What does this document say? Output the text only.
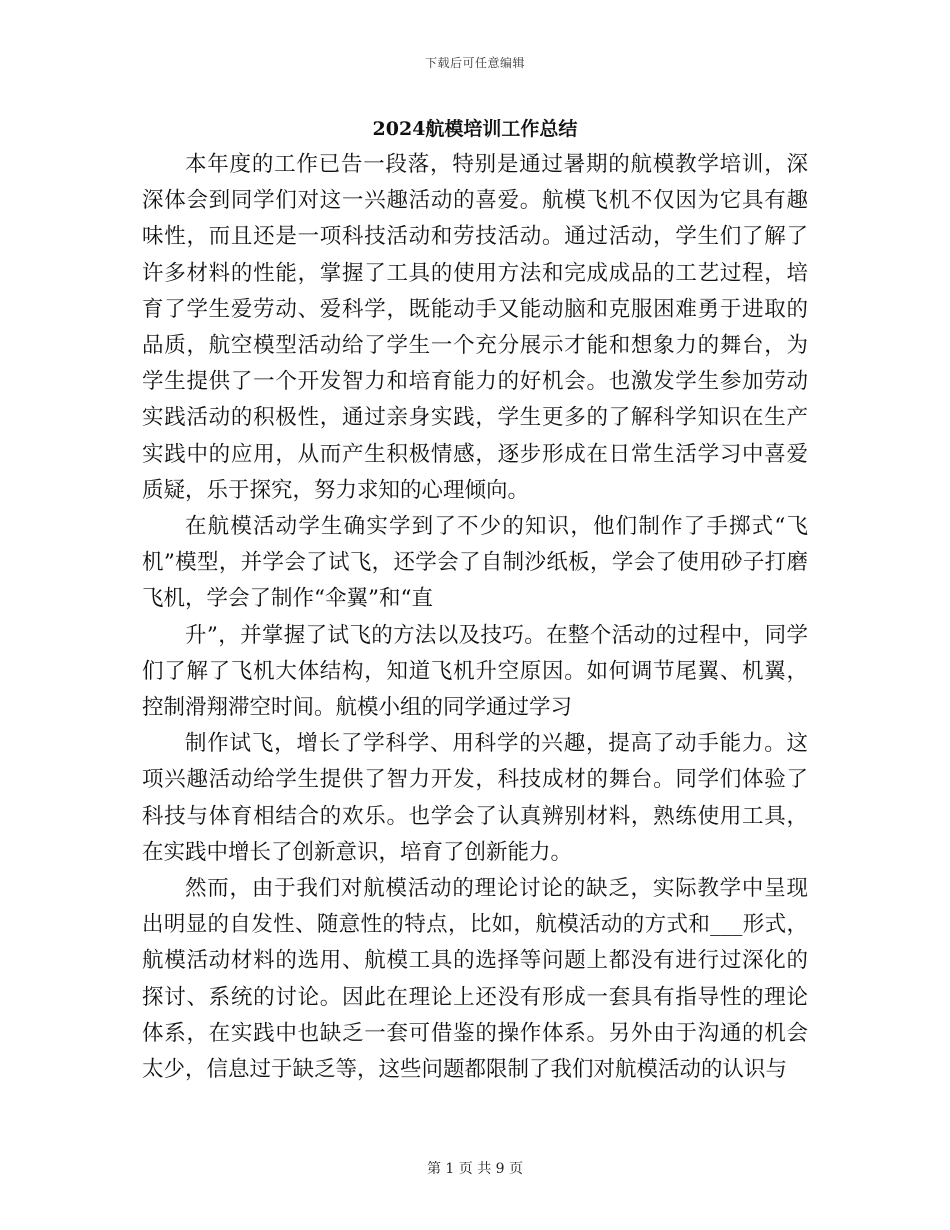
下载后可任意编辑
2024航模培训工作总结

本年度的工作已告一段落，特别是通过暑期的航模教学培训，深深体会到同学们对这一兴趣活动的喜爱。航模飞机不仅因为它具有趣味性，而且还是一项科技活动和劳技活动。通过活动，学生们了解了许多材料的性能，掌握了工具的使用方法和完成成品的工艺过程，培育了学生爱劳动、爱科学，既能动手又能动脑和克服困难勇于进取的品质，航空模型活动给了学生一个充分展示才能和想象力的舞台，为学生提供了一个开发智力和培育能力的好机会。也激发学生参加劳动实践活动的积极性，通过亲身实践，学生更多的了解科学知识在生产实践中的应用，从而产生积极情感，逐步形成在日常生活学习中喜爱质疑，乐于探究，努力求知的心理倾向。

在航模活动学生确实学到了不少的知识，他们制作了手掷式“飞机”模型，并学会了试飞，还学会了自制沙纸板，学会了使用砂子打磨飞机，学会了制作“伞翼”和“直

升”，并掌握了试飞的方法以及技巧。在整个活动的过程中，同学们了解了飞机大体结构，知道飞机升空原因。如何调节尾翼、机翼，控制滑翔滞空时间。航模小组的同学通过学习

制作试飞，增长了学科学、用科学的兴趣，提高了动手能力。这项兴趣活动给学生提供了智力开发，科技成材的舞台。同学们体验了科技与体育相结合的欢乐。也学会了认真辨别材料，熟练使用工具，在实践中增长了创新意识，培育了创新能力。

然而，由于我们对航模活动的理论讨论的缺乏，实际教学中呈现出明显的自发性、随意性的特点，比如，航模活动的方式和___形式，航模活动材料的选用、航模工具的选择等问题上都没有进行过深化的探讨、系统的讨论。因此在理论上还没有形成一套具有指导性的理论体系，在实践中也缺乏一套可借鉴的操作体系。另外由于沟通的机会太少，信息过于缺乏等，这些问题都限制了我们对航模活动的认识与

第 1 页 共 9 页
